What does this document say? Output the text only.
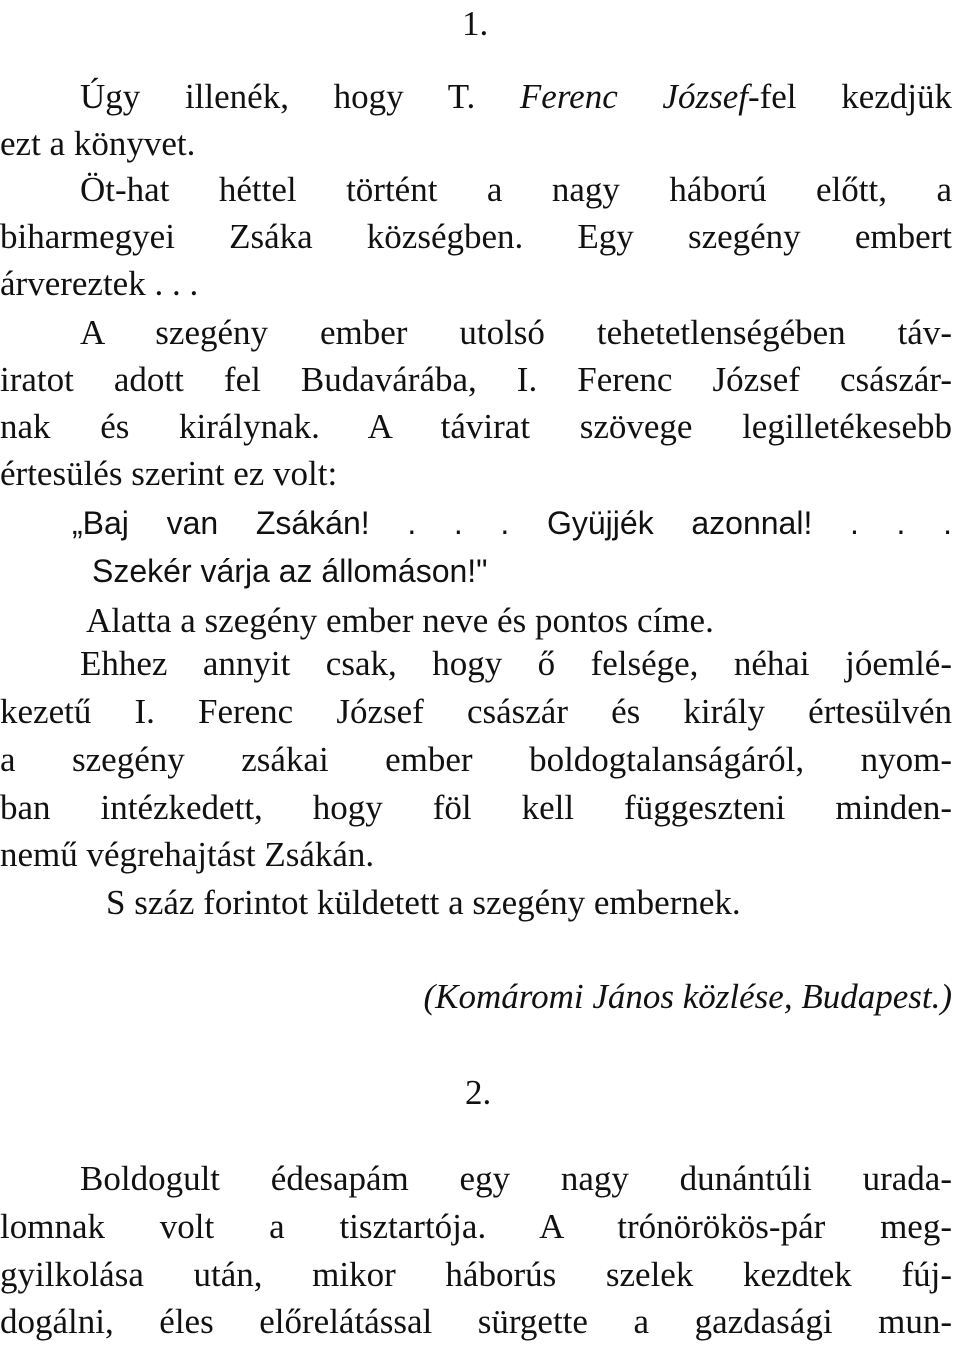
1.
Úgy illenék, hogy T. Ferenc József-fel kezdjük
ezt a könyvet.
Öt-hat héttel történt a nagy háború előtt, a
biharmegyei Zsáka községben. Egy szegény embert
árvereztek . . .
A szegény ember utolsó tehetetlenségében táv-
iratot adott fel Budavárába, I. Ferenc József császár-
nak és királynak. A távirat szövege legilletékesebb
értesülés szerint ez volt:
„Baj van Zsákán! . . . Gyüjjék azonnal! . . .
Szekér várja az állomáson!"
Alatta a szegény ember neve és pontos címe.
Ehhez annyit csak, hogy ő felsége, néhai jóemlé-
kezetű I. Ferenc József császár és király értesülvén
a szegény zsákai ember boldogtalanságáról, nyom-
ban intézkedett, hogy föl kell függeszteni minden-
nemű végrehajtást Zsákán.
S száz forintot küldetett a szegény embernek.
(Komáromi János közlése, Budapest.)
2.
Boldogult édesapám egy nagy dunántúli urada-
lomnak volt a tisztartója. A trónörökös-pár meg-
gyilkolása után, mikor háborús szelek kezdtek fúj-
dogálni, éles előrelátással sürgette a gazdasági mun-
